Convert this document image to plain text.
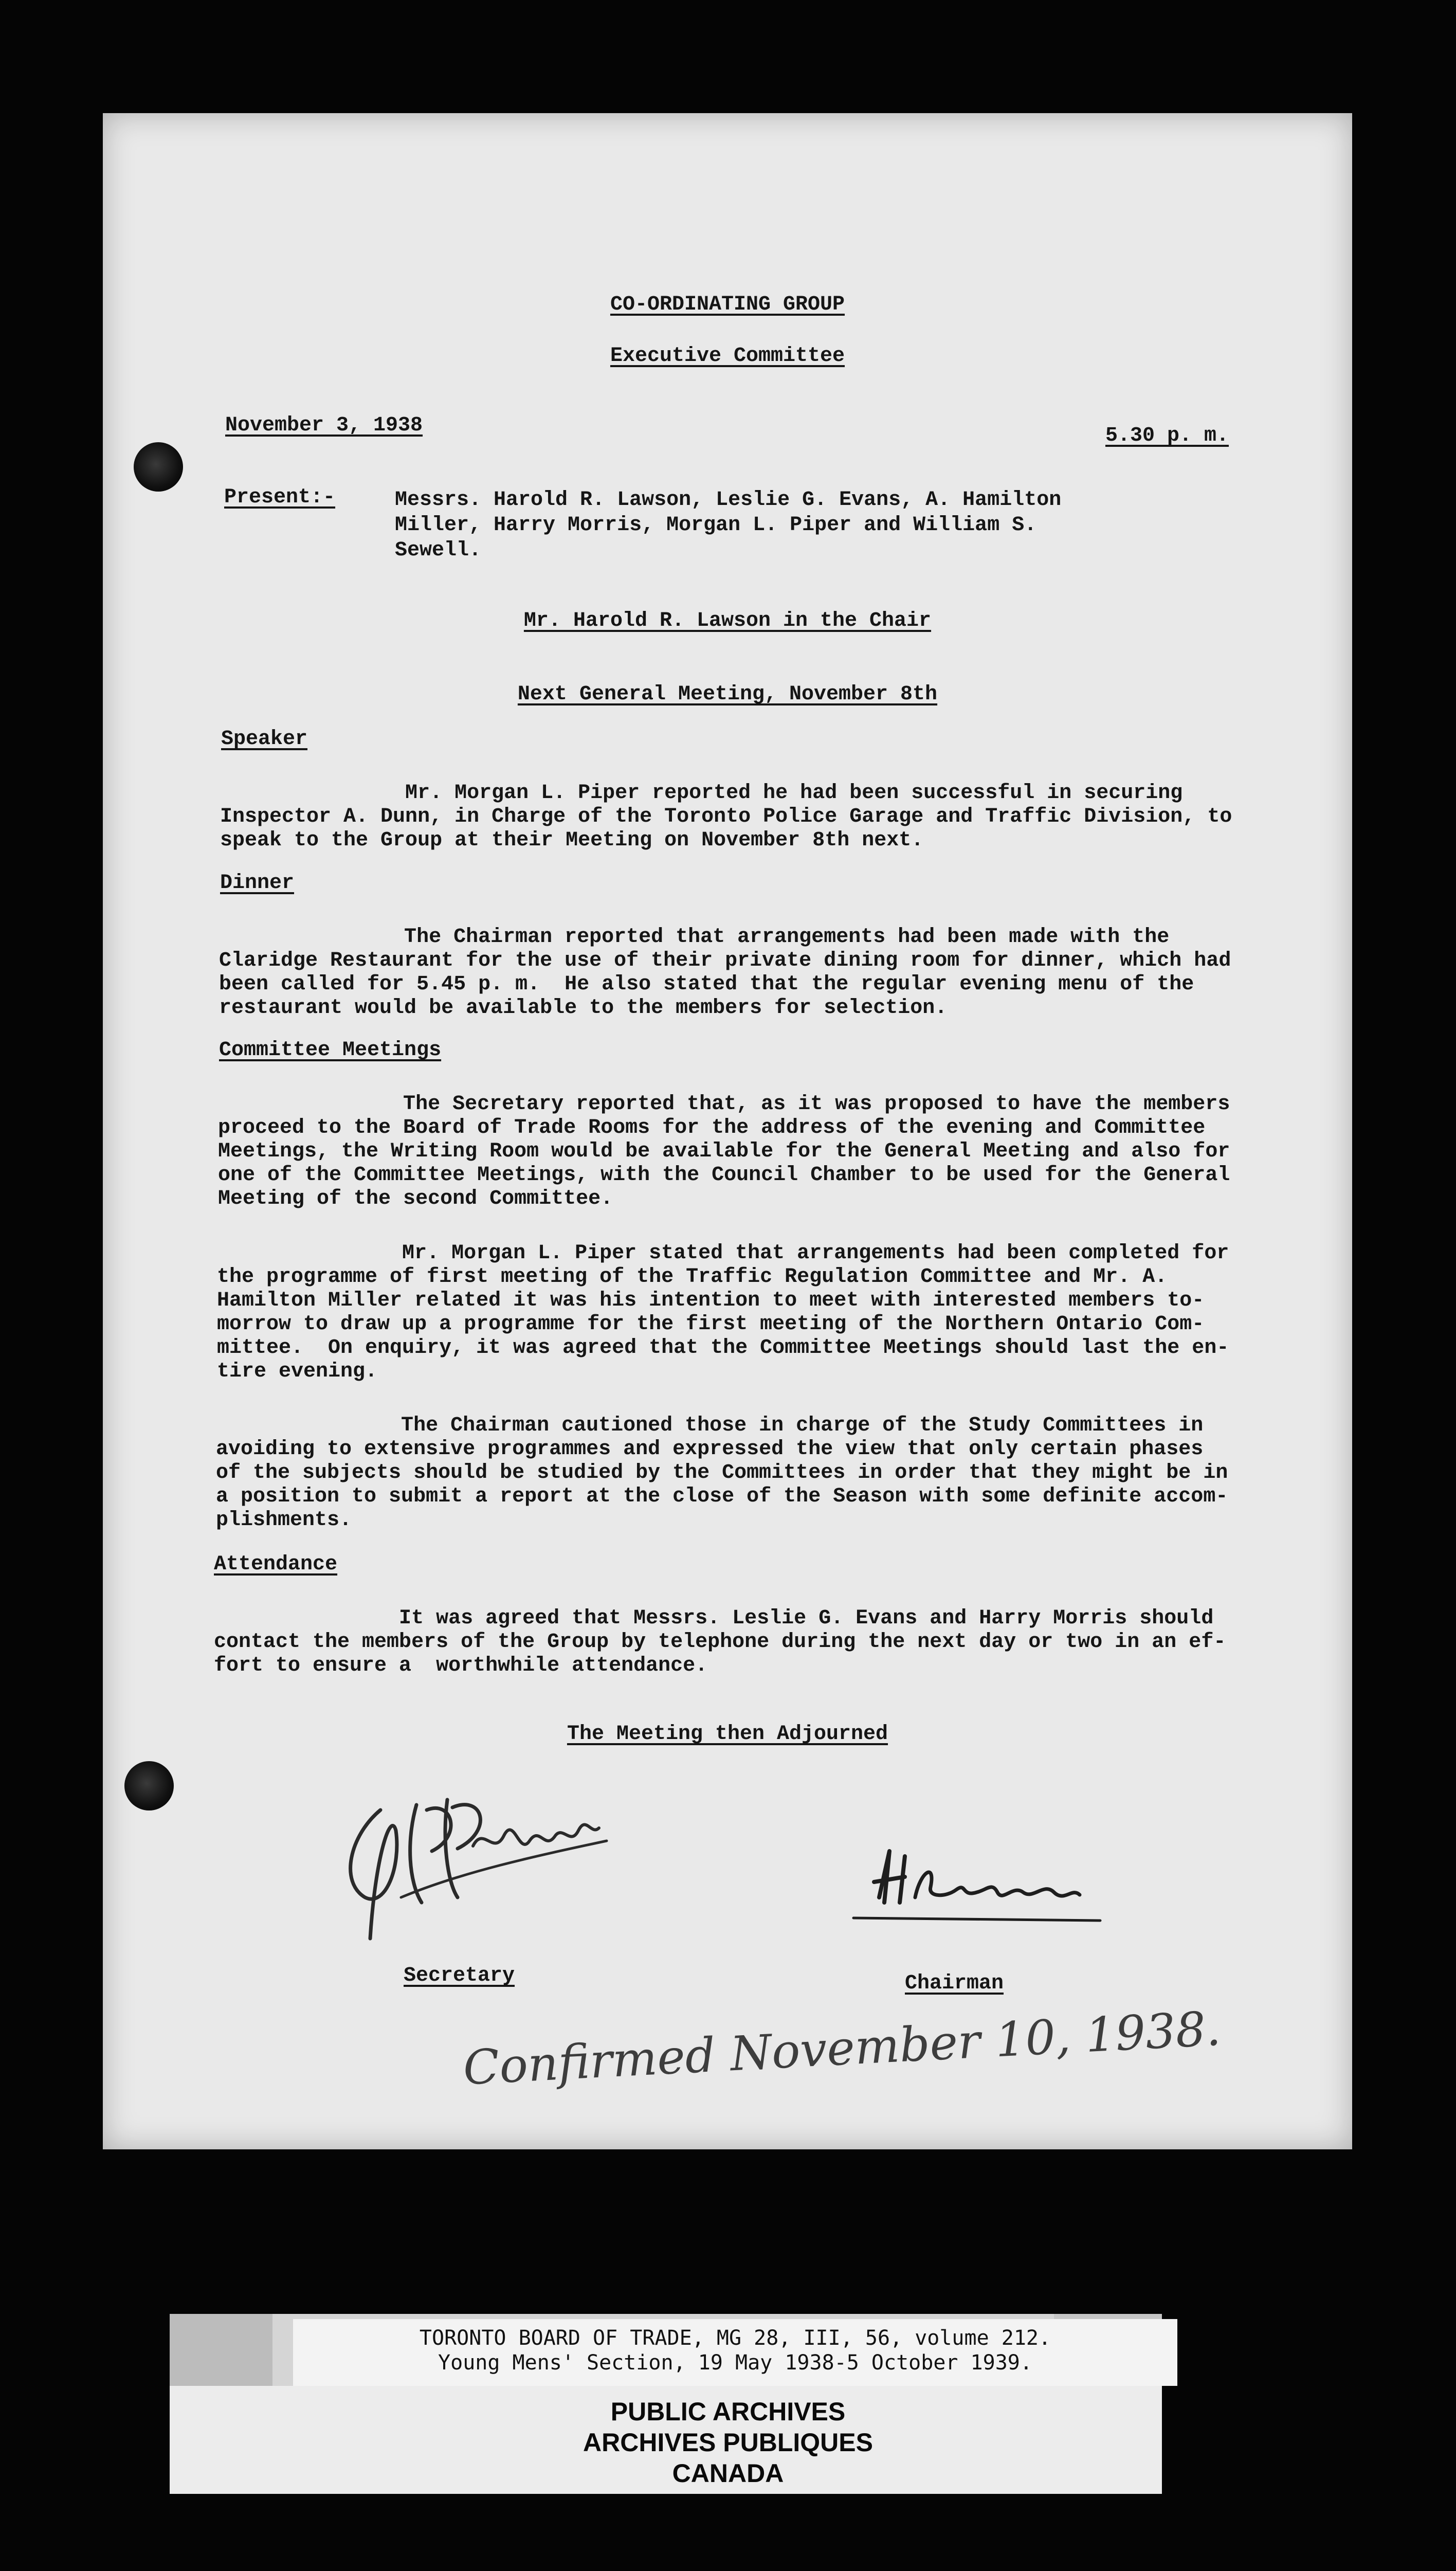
CO-ORDINATING GROUP
Executive Committee
November 3, 1938	5.30 p. m.
Present:-	Messrs. Harold R. Lawson, Leslie G. Evans, A. Hamilton
Miller, Harry Morris, Morgan L. Piper and William S.
Sewell.
Mr. Harold R. Lawson in the Chair
Next General Meeting, November 8th
Speaker
Mr. Morgan L. Piper reported he had been successful in securing
Inspector A. Dunn, in Charge of the Toronto Police Garage and Traffic Division, to
speak to the Group at their Meeting on November 8th next.
Dinner
The Chairman reported that arrangements had been made with the
Claridge Restaurant for the use of their private dining room for dinner, which had
been called for 5.45 p. m.  He also stated that the regular evening menu of the
restaurant would be available to the members for selection.
Committee Meetings
The Secretary reported that, as it was proposed to have the members
proceed to the Board of Trade Rooms for the address of the evening and Committee
Meetings, the Writing Room would be available for the General Meeting and also for
one of the Committee Meetings, with the Council Chamber to be used for the General
Meeting of the second Committee.
Mr. Morgan L. Piper stated that arrangements had been completed for
the programme of first meeting of the Traffic Regulation Committee and Mr. A.
Hamilton Miller related it was his intention to meet with interested members to-
morrow to draw up a programme for the first meeting of the Northern Ontario Com-
mittee.  On enquiry, it was agreed that the Committee Meetings should last the en-
tire evening.
The Chairman cautioned those in charge of the Study Committees in
avoiding to extensive programmes and expressed the view that only certain phases
of the subjects should be studied by the Committees in order that they might be in
a position to submit a report at the close of the Season with some definite accom-
plishments.
Attendance
It was agreed that Messrs. Leslie G. Evans and Harry Morris should
contact the members of the Group by telephone during the next day or two in an ef-
fort to ensure a  worthwhile attendance.
The Meeting then Adjourned
Secretary	Chairman
Confirmed November 10, 1938.
TORONTO BOARD OF TRADE, MG 28, III, 56, volume 212.
Young Mens' Section, 19 May 1938-5 October 1939.
PUBLIC ARCHIVES
ARCHIVES PUBLIQUES
CANADA
